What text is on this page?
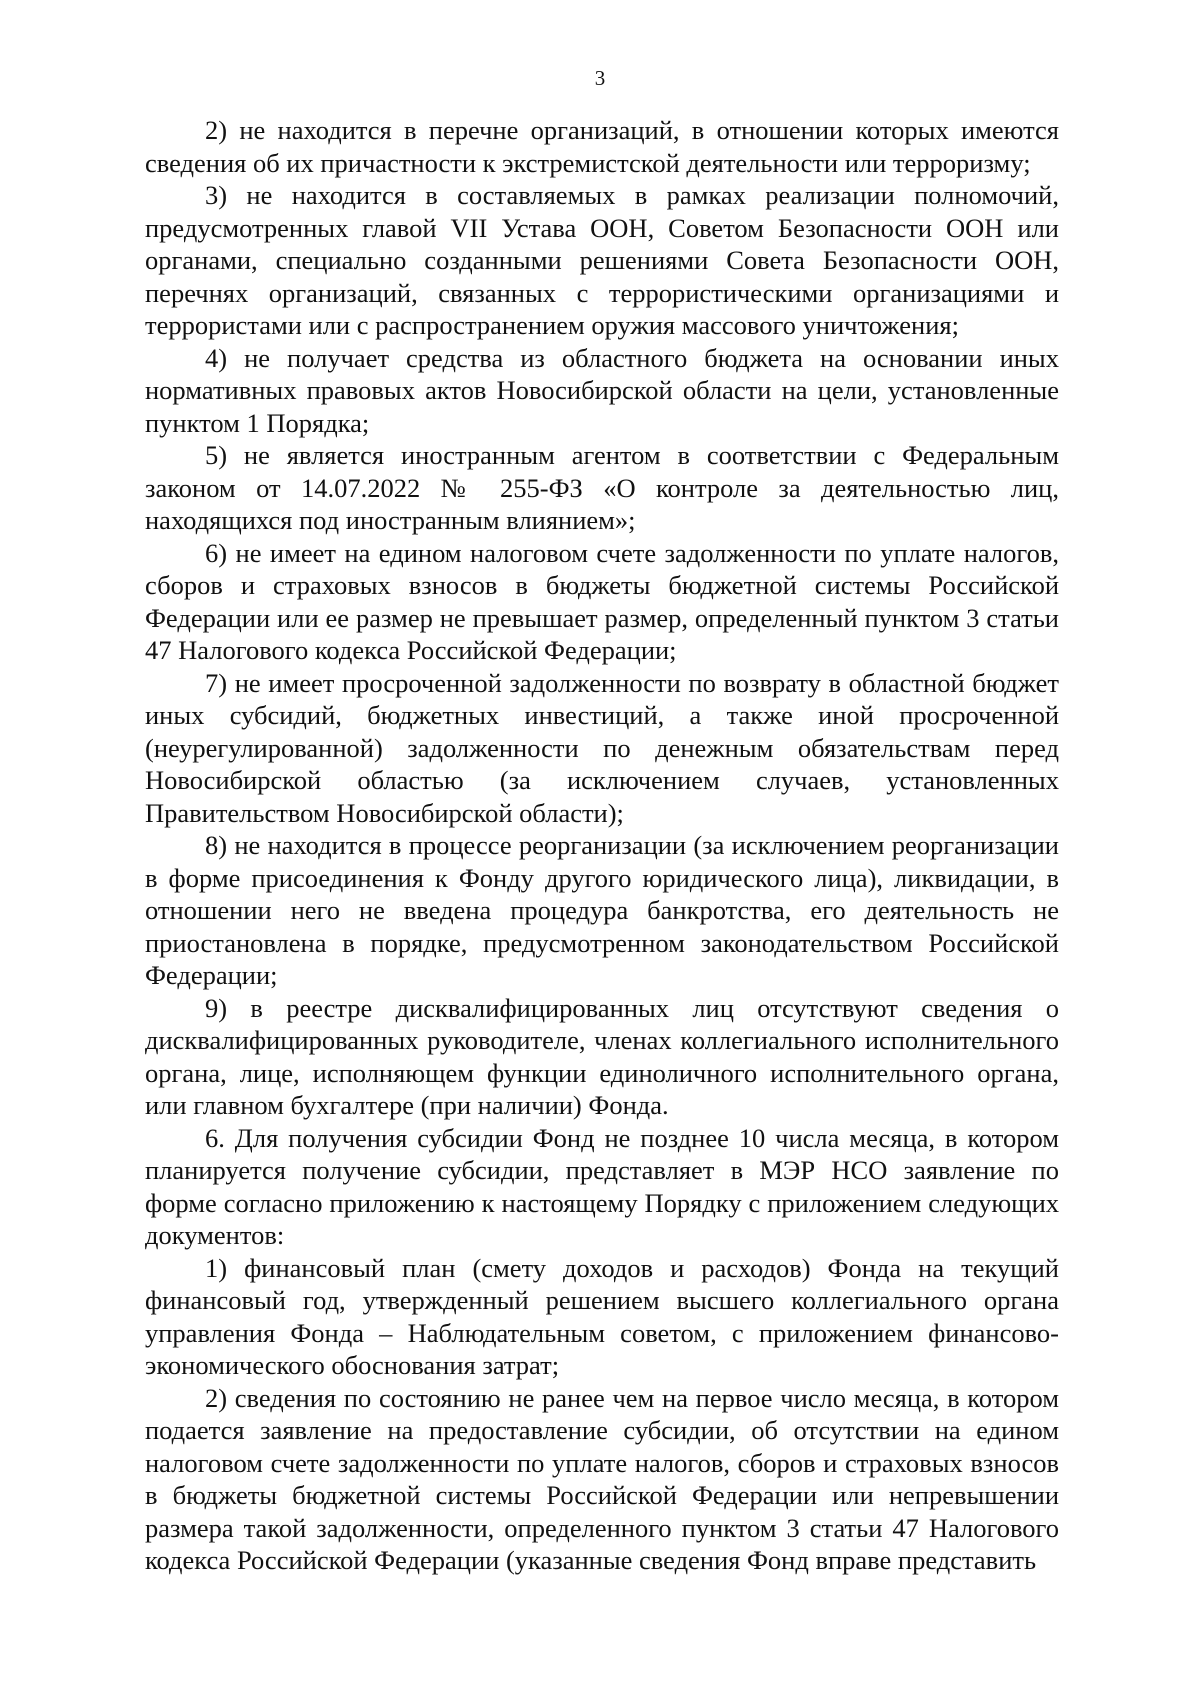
3

2) не находится в перечне организаций, в отношении которых имеются сведения об их причастности к экстремистской деятельности или терроризму;

3) не находится в составляемых в рамках реализации полномочий, предусмотренных главой VII Устава ООН, Советом Безопасности ООН или органами, специально созданными решениями Совета Безопасности ООН, перечнях организаций, связанных с террористическими организациями и террористами или с распространением оружия массового уничтожения;

4) не получает средства из областного бюджета на основании иных нормативных правовых актов Новосибирской области на цели, установленные пунктом 1 Порядка;

5) не является иностранным агентом в соответствии с Федеральным законом от 14.07.2022 № 255-ФЗ «О контроле за деятельностью лиц, находящихся под иностранным влиянием»;

6) не имеет на едином налоговом счете задолженности по уплате налогов, сборов и страховых взносов в бюджеты бюджетной системы Российской Федерации или ее размер не превышает размер, определенный пунктом 3 статьи 47 Налогового кодекса Российской Федерации;

7) не имеет просроченной задолженности по возврату в областной бюджет иных субсидий, бюджетных инвестиций, а также иной просроченной (неурегулированной) задолженности по денежным обязательствам перед Новосибирской областью (за исключением случаев, установленных Правительством Новосибирской области);

8) не находится в процессе реорганизации (за исключением реорганизации в форме присоединения к Фонду другого юридического лица), ликвидации, в отношении него не введена процедура банкротства, его деятельность не приостановлена в порядке, предусмотренном законодательством Российской Федерации;

9) в реестре дисквалифицированных лиц отсутствуют сведения о дисквалифицированных руководителе, членах коллегиального исполнительного органа, лице, исполняющем функции единоличного исполнительного органа, или главном бухгалтере (при наличии) Фонда.

6. Для получения субсидии Фонд не позднее 10 числа месяца, в котором планируется получение субсидии, представляет в МЭР НСО заявление по форме согласно приложению к настоящему Порядку с приложением следующих документов:

1) финансовый план (смету доходов и расходов) Фонда на текущий финансовый год, утвержденный решением высшего коллегиального органа управления Фонда – Наблюдательным советом, с приложением финансово-экономического обоснования затрат;

2) сведения по состоянию не ранее чем на первое число месяца, в котором подается заявление на предоставление субсидии, об отсутствии на едином налоговом счете задолженности по уплате налогов, сборов и страховых взносов в бюджеты бюджетной системы Российской Федерации или непревышении размера такой задолженности, определенного пунктом 3 статьи 47 Налогового кодекса Российской Федерации (указанные сведения Фонд вправе представить
